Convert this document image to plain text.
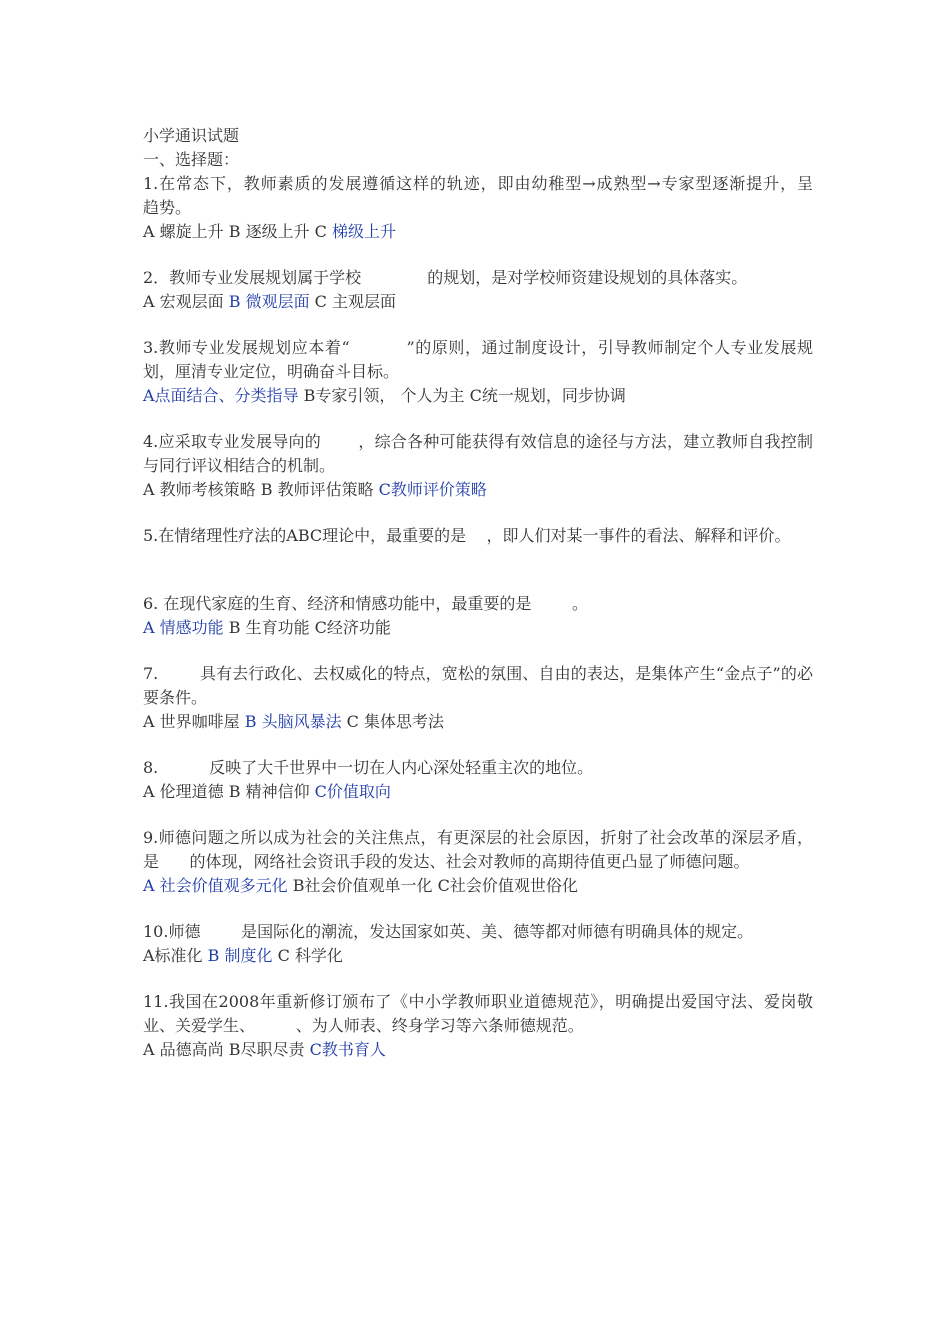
小学通识试题
一、选择题：
1.在常态下，教师素质的发展遵循这样的轨迹，即由幼稚型→成熟型→专家型逐渐提升，呈        趋势。
A 螺旋上升 B 逐级上升 C 梯级上升
2．教师专业发展规划属于学校             的规划，是对学校师资建设规划的具体落实。
A 宏观层面 B 微观层面 C 主观层面
3.教师专业发展规划应本着“          ”的原则，通过制度设计，引导教师制定个人专业发展规划，厘清专业定位，明确奋斗目标。
A点面结合、分类指导 B专家引领， 个人为主 C统一规划，同步协调
4.应采取专业发展导向的       ，综合各种可能获得有效信息的途径与方法，建立教师自我控制与同行评议相结合的机制。
A 教师考核策略 B 教师评估策略 C教师评价策略
5.在情绪理性疗法的ABC理论中，最重要的是    ，即人们对某一事件的看法、解释和评价。
6. 在现代家庭的生育、经济和情感功能中，最重要的是        。
A 情感功能 B 生育功能 C经济功能
7.        具有去行政化、去权威化的特点，宽松的氛围、自由的表达，是集体产生“金点子”的必要条件。
A 世界咖啡屋 B 头脑风暴法 C 集体思考法
8.          反映了大千世界中一切在人内心深处轻重主次的地位。
A 伦理道德 B 精神信仰 C价值取向
9.师德问题之所以成为社会的关注焦点，有更深层的社会原因，折射了社会改革的深层矛盾，是      的体现，网络社会资讯手段的发达、社会对教师的高期待值更凸显了师德问题。
A 社会价值观多元化 B社会价值观单一化 C社会价值观世俗化
10.师德        是国际化的潮流，发达国家如英、美、德等都对师德有明确具体的规定。
A标准化 B 制度化 C 科学化
11.我国在2008年重新修订颁布了《中小学教师职业道德规范》，明确提出爱国守法、爱岗敬业、关爱学生、        、为人师表、终身学习等六条师德规范。
A 品德高尚 B尽职尽责 C教书育人
